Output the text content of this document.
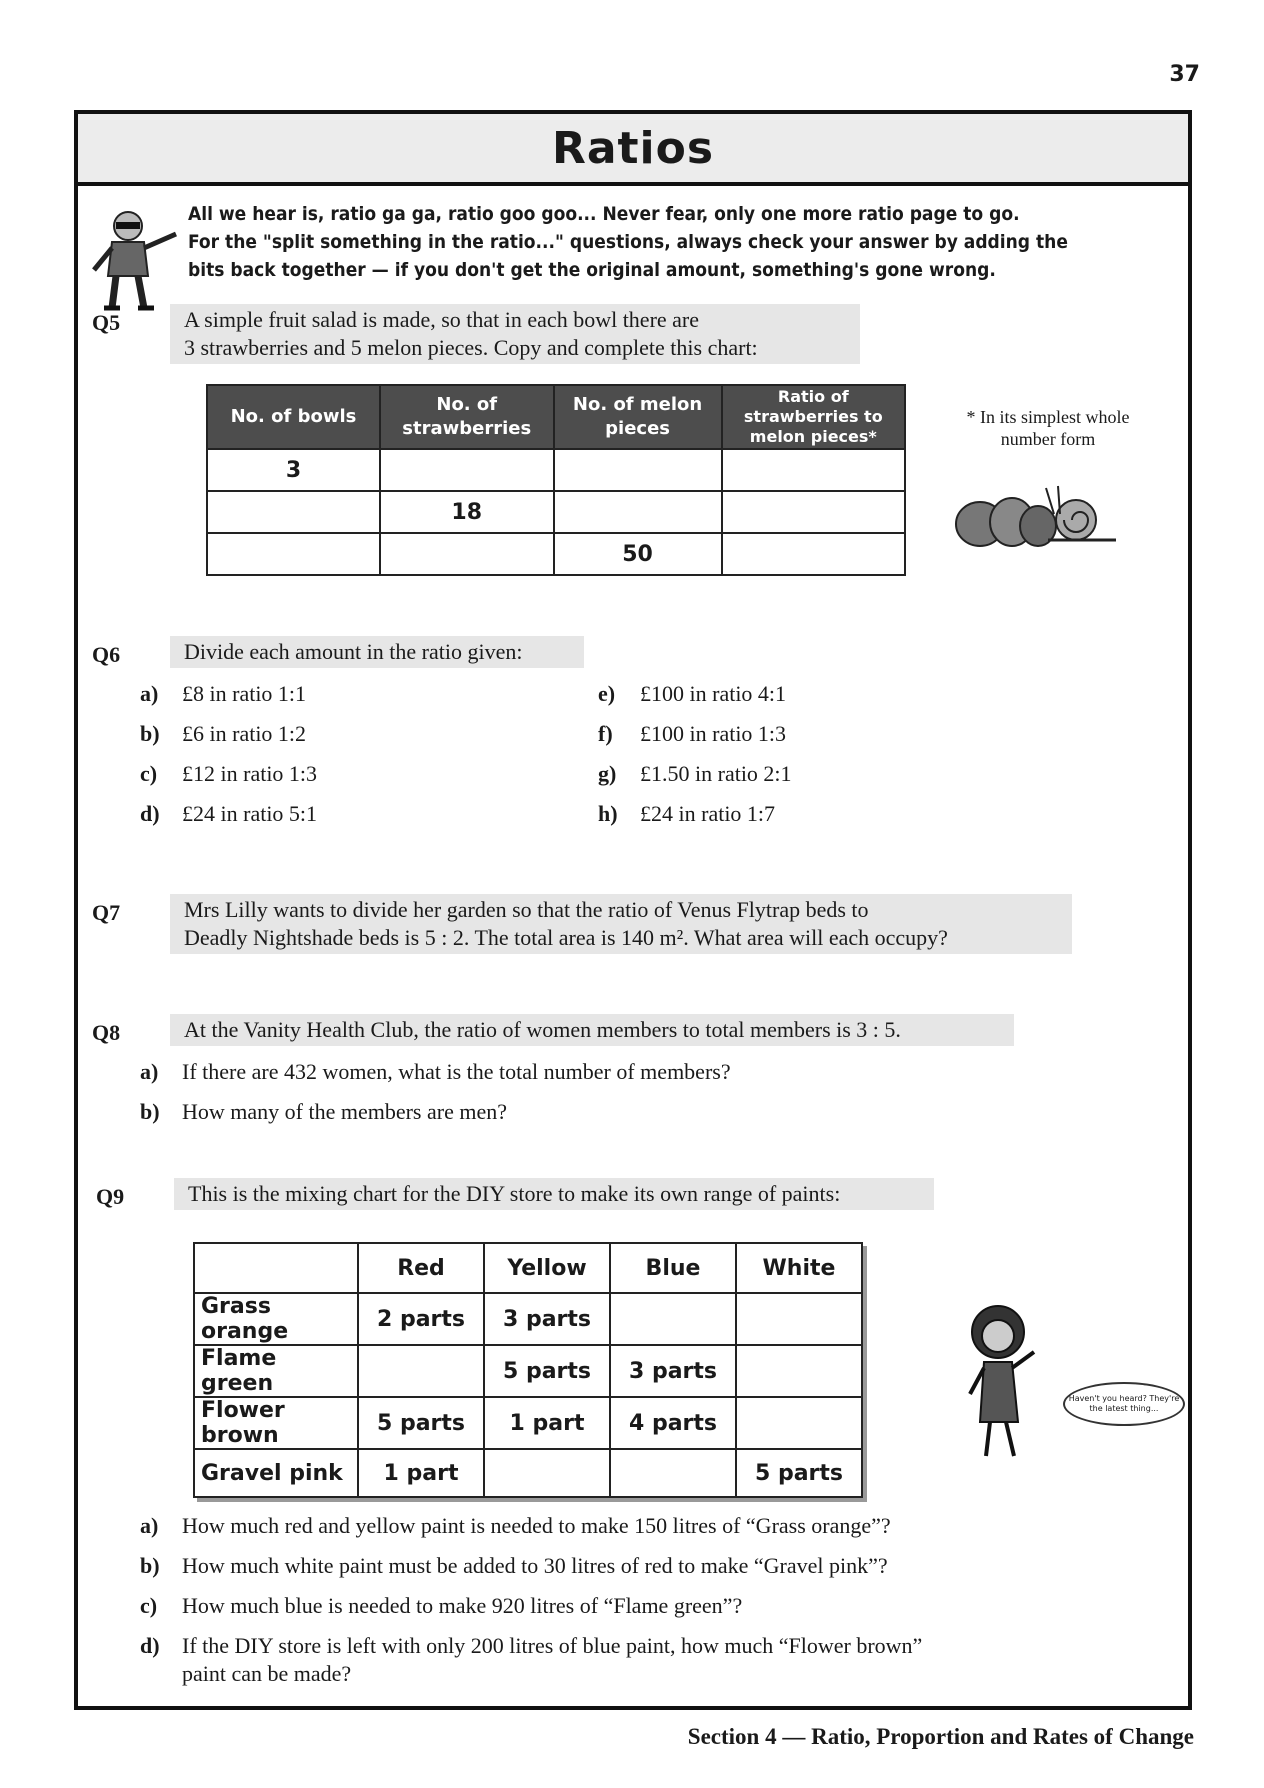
37
Ratios
All we hear is, ratio ga ga, ratio goo goo... Never fear, only one more ratio page to go.
For the "split something in the ratio..." questions, always check your answer by adding the
bits back together — if you don't get the original amount, something's gone wrong.
Q5	A simple fruit salad is made, so that in each bowl there are
3 strawberries and 5 melon pieces. Copy and complete this chart:
No. of bowls	No. of strawberries	No. of melon pieces	Ratio of strawberries to melon pieces*
3			
	18		
		50	
* In its simplest whole number form
Q6	Divide each amount in the ratio given:
a) £8 in ratio 1:1
b) £6 in ratio 1:2
c) £12 in ratio 1:3
d) £24 in ratio 5:1
e) £100 in ratio 4:1
f) £100 in ratio 1:3
g) £1.50 in ratio 2:1
h) £24 in ratio 1:7
Q7	Mrs Lilly wants to divide her garden so that the ratio of Venus Flytrap beds to
Deadly Nightshade beds is 5 : 2. The total area is 140 m². What area will each occupy?
Q8	At the Vanity Health Club, the ratio of women members to total members is 3 : 5.
a) If there are 432 women, what is the total number of members?
b) How many of the members are men?
Q9	This is the mixing chart for the DIY store to make its own range of paints:
	Red	Yellow	Blue	White
Grass orange	2 parts	3 parts		
Flame green		5 parts	3 parts	
Flower brown	5 parts	1 part	4 parts	
Gravel pink	1 part			5 parts
Haven't you heard? They're the latest thing...
a) How much red and yellow paint is needed to make 150 litres of “Grass orange”?
b) How much white paint must be added to 30 litres of red to make “Gravel pink”?
c) How much blue is needed to make 920 litres of “Flame green”?
d) If the DIY store is left with only 200 litres of blue paint, how much “Flower brown”
paint can be made?
Section 4 — Ratio, Proportion and Rates of Change
